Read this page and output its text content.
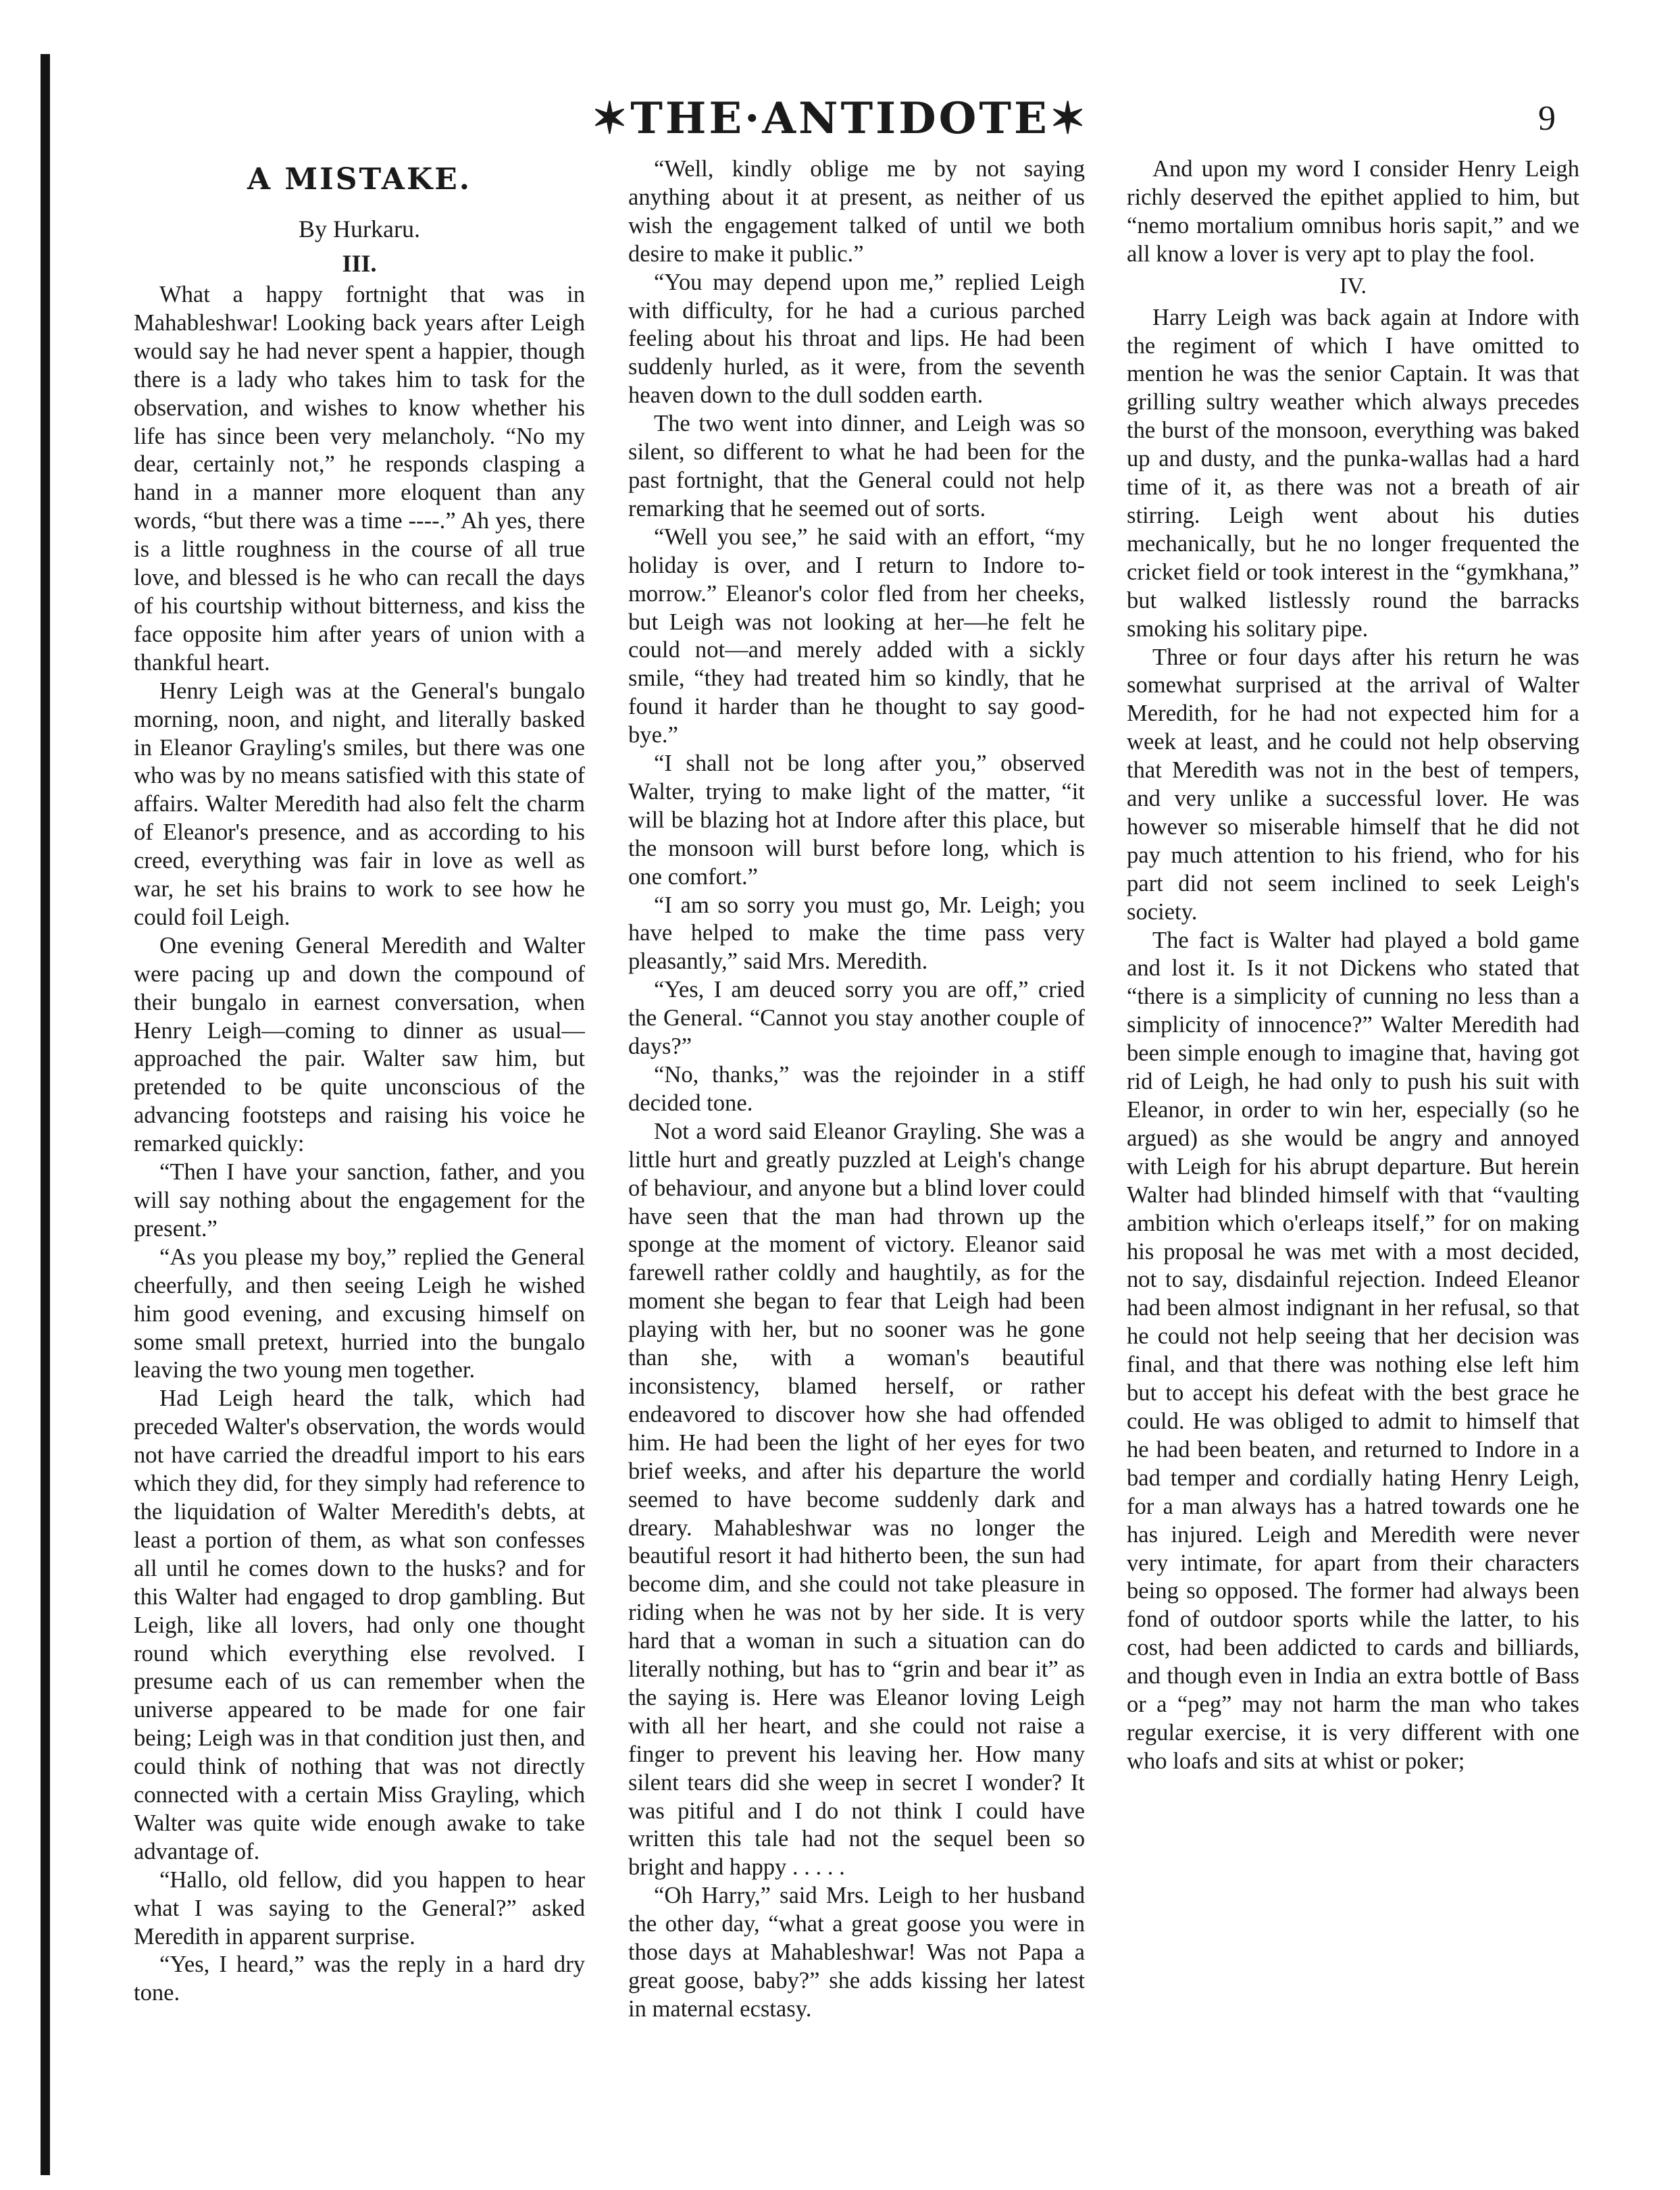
✶THE·ANTIDOTE✶	9
A MISTAKE.
By Hurkaru.
III.

What a happy fortnight that was in Mahableshwar! Looking back years after Leigh would say he had never spent a happier, though there is a lady who takes him to task for the observation, and wishes to know whether his life has since been very melancholy. “No my dear, certainly not,” he responds clasping a hand in a manner more eloquent than any words, “but there was a time ----.” Ah yes, there is a little roughness in the course of all true love, and blessed is he who can recall the days of his courtship without bitterness, and kiss the face opposite him after years of union with a thankful heart.

Henry Leigh was at the General's bungalo morning, noon, and night, and literally basked in Eleanor Grayling's smiles, but there was one who was by no means satisfied with this state of affairs. Walter Meredith had also felt the charm of Eleanor's presence, and as according to his creed, everything was fair in love as well as war, he set his brains to work to see how he could foil Leigh.

One evening General Meredith and Walter were pacing up and down the compound of their bungalo in earnest conversation, when Henry Leigh—coming to dinner as usual—approached the pair. Walter saw him, but pretended to be quite unconscious of the advancing footsteps and raising his voice he remarked quickly:

“Then I have your sanction, father, and you will say nothing about the engagement for the present.”

“As you please my boy,” replied the General cheerfully, and then seeing Leigh he wished him good evening, and excusing himself on some small pretext, hurried into the bungalo leaving the two young men together.

Had Leigh heard the talk, which had preceded Walter's observation, the words would not have carried the dreadful import to his ears which they did, for they simply had reference to the liquidation of Walter Meredith's debts, at least a portion of them, as what son confesses all until he comes down to the husks? and for this Walter had engaged to drop gambling. But Leigh, like all lovers, had only one thought round which everything else revolved. I presume each of us can remember when the universe appeared to be made for one fair being; Leigh was in that condition just then, and could think of nothing that was not directly connected with a certain Miss Grayling, which Walter was quite wide enough awake to take advantage of.

“Hallo, old fellow, did you happen to hear what I was saying to the General?” asked Meredith in apparent surprise.

“Yes, I heard,” was the reply in a hard dry tone.

“Well, kindly oblige me by not saying anything about it at present, as neither of us wish the engagement talked of until we both desire to make it public.”

“You may depend upon me,” replied Leigh with difficulty, for he had a curious parched feeling about his throat and lips. He had been suddenly hurled, as it were, from the seventh heaven down to the dull sodden earth.

The two went into dinner, and Leigh was so silent, so different to what he had been for the past fortnight, that the General could not help remarking that he seemed out of sorts.

“Well you see,” he said with an effort, “my holiday is over, and I return to Indore to-morrow.” Eleanor's color fled from her cheeks, but Leigh was not looking at her—he felt he could not—and merely added with a sickly smile, “they had treated him so kindly, that he found it harder than he thought to say good-bye.”

“I shall not be long after you,” observed Walter, trying to make light of the matter, “it will be blazing hot at Indore after this place, but the monsoon will burst before long, which is one comfort.”

“I am so sorry you must go, Mr. Leigh; you have helped to make the time pass very pleasantly,” said Mrs. Meredith.

“Yes, I am deuced sorry you are off,” cried the General. “Cannot you stay another couple of days?”

“No, thanks,” was the rejoinder in a stiff decided tone.

Not a word said Eleanor Grayling. She was a little hurt and greatly puzzled at Leigh's change of behaviour, and anyone but a blind lover could have seen that the man had thrown up the sponge at the moment of victory. Eleanor said farewell rather coldly and haughtily, as for the moment she began to fear that Leigh had been playing with her, but no sooner was he gone than she, with a woman's beautiful inconsistency, blamed herself, or rather endeavored to discover how she had offended him. He had been the light of her eyes for two brief weeks, and after his departure the world seemed to have become suddenly dark and dreary. Mahableshwar was no longer the beautiful resort it had hitherto been, the sun had become dim, and she could not take pleasure in riding when he was not by her side. It is very hard that a woman in such a situation can do literally nothing, but has to “grin and bear it” as the saying is. Here was Eleanor loving Leigh with all her heart, and she could not raise a finger to prevent his leaving her. How many silent tears did she weep in secret I wonder? It was pitiful and I do not think I could have written this tale had not the sequel been so bright and happy . . . . .

“Oh Harry,” said Mrs. Leigh to her husband the other day, “what a great goose you were in those days at Mahableshwar! Was not Papa a great goose, baby?” she adds kissing her latest in maternal ecstasy.

And upon my word I consider Henry Leigh richly deserved the epithet applied to him, but “nemo mortalium omnibus horis sapit,” and we all know a lover is very apt to play the fool.

IV.

Harry Leigh was back again at Indore with the regiment of which I have omitted to mention he was the senior Captain. It was that grilling sultry weather which always precedes the burst of the monsoon, everything was baked up and dusty, and the punka-wallas had a hard time of it, as there was not a breath of air stirring. Leigh went about his duties mechanically, but he no longer frequented the cricket field or took interest in the “gymkhana,” but walked listlessly round the barracks smoking his solitary pipe.

Three or four days after his return he was somewhat surprised at the arrival of Walter Meredith, for he had not expected him for a week at least, and he could not help observing that Meredith was not in the best of tempers, and very unlike a successful lover. He was however so miserable himself that he did not pay much attention to his friend, who for his part did not seem inclined to seek Leigh's society.

The fact is Walter had played a bold game and lost it. Is it not Dickens who stated that “there is a simplicity of cunning no less than a simplicity of innocence?” Walter Meredith had been simple enough to imagine that, having got rid of Leigh, he had only to push his suit with Eleanor, in order to win her, especially (so he argued) as she would be angry and annoyed with Leigh for his abrupt departure. But herein Walter had blinded himself with that “vaulting ambition which o'erleaps itself,” for on making his proposal he was met with a most decided, not to say, disdainful rejection. Indeed Eleanor had been almost indignant in her refusal, so that he could not help seeing that her decision was final, and that there was nothing else left him but to accept his defeat with the best grace he could. He was obliged to admit to himself that he had been beaten, and returned to Indore in a bad temper and cordially hating Henry Leigh, for a man always has a hatred towards one he has injured. Leigh and Meredith were never very intimate, for apart from their characters being so opposed. The former had always been fond of outdoor sports while the latter, to his cost, had been addicted to cards and billiards, and though even in India an extra bottle of Bass or a “peg” may not harm the man who takes regular exercise, it is very different with one who loafs and sits at whist or poker;
